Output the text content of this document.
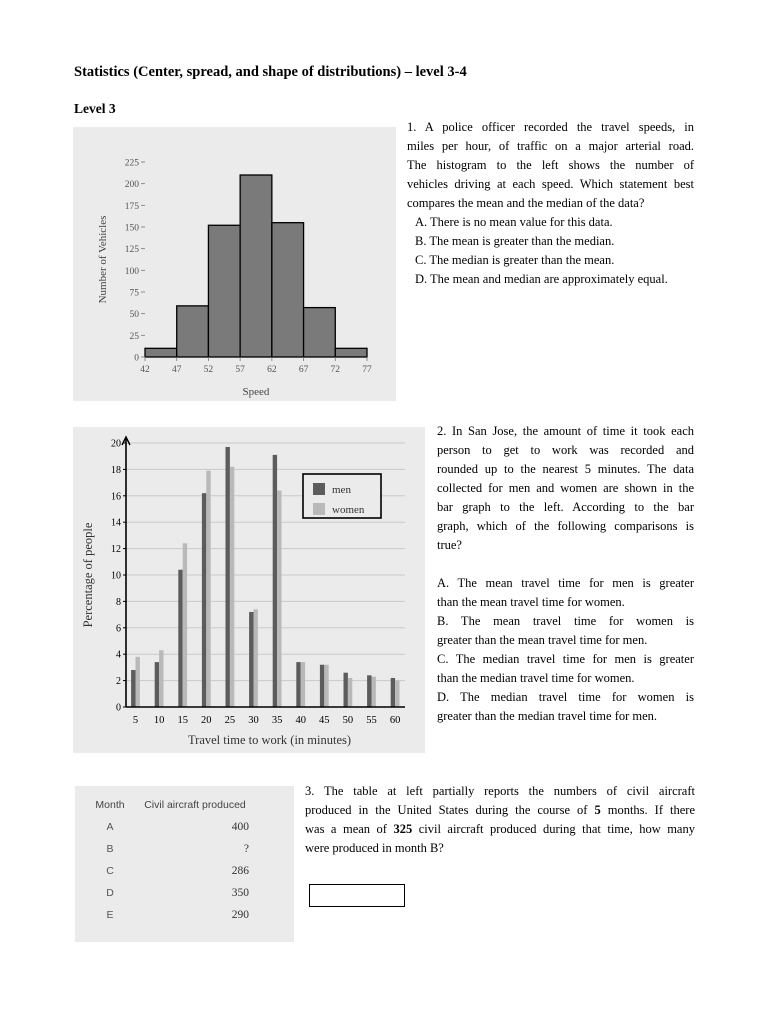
Statistics (Center, spread, and shape of distributions) – level 3-4
Level 3
0
25
50
75
100
125
150
175
200
225
42 47 52 57 62 67 72 77
Speed
Number of Vehicles
1. A police officer recorded the travel speeds, in
miles per hour, of traffic on a major arterial road.
The histogram to the left shows the number of
vehicles driving at each speed. Which statement best
compares the mean and the median of the data?
A. There is no mean value for this data.
B. The mean is greater than the median.
C. The median is greater than the mean.
D. The mean and median are approximately equal.
0
2
4
6
8
10
12
14
16
18
20
5 10 15 20 25 30 35 40 45 50 55 60
men
women
Travel time to work (in minutes)
Percentage of people
2. In San Jose, the amount of time it took each
person to get to work was recorded and
rounded up to the nearest 5 minutes. The data
collected for men and women are shown in the
bar graph to the left. According to the bar
graph, which of the following comparisons is
true?
A. The mean travel time for men is greater
than the mean travel time for women.
B. The mean travel time for women is
greater than the mean travel time for men.
C. The median travel time for men is greater
than the median travel time for women.
D. The median travel time for women is
greater than the median travel time for men.
Month Civil aircraft produced
A	400
B	?
C	286
D	350
E	290
3. The table at left partially reports the numbers of civil aircraft
produced in the United States during the course of 5 months. If there
was a mean of 325 civil aircraft produced during that time, how many
were produced in month B?
